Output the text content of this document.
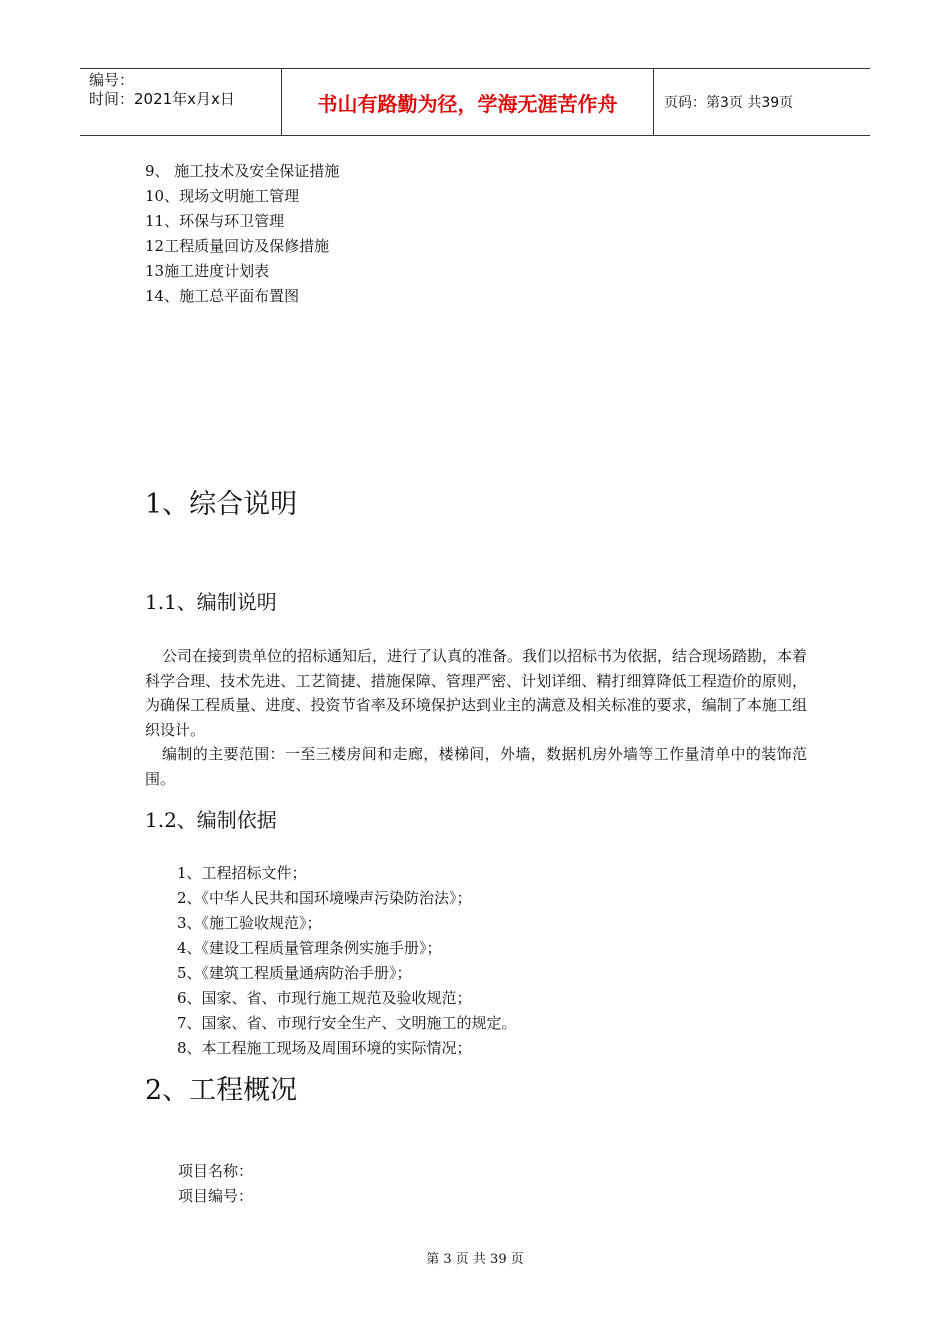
编号：
时间：2021年x月x日	书山有路勤为径，学海无涯苦作舟	页码：第3页 共39页
9、 施工技术及安全保证措施
10、现场文明施工管理
11、环保与环卫管理
12工程质量回访及保修措施
13施工进度计划表
14、施工总平面布置图
1、综合说明
1.1、编制说明

公司在接到贵单位的招标通知后，进行了认真的准备。我们以招标书为依据，结合现场踏勘，本着科学合理、技术先进、工艺简捷、措施保障、管理严密、计划详细、精打细算降低工程造价的原则，为确保工程质量、进度、投资节省率及环境保护达到业主的满意及相关标准的要求，编制了本施工组织设计。

编制的主要范围：一至三楼房间和走廊，楼梯间，外墙，数据机房外墙等工作量清单中的装饰范围。

1.2、编制依据
1、工程招标文件；
2、《中华人民共和国环境噪声污染防治法》；
3、《施工验收规范》；
4、《建设工程质量管理条例实施手册》；
5、《建筑工程质量通病防治手册》；
6、国家、省、市现行施工规范及验收规范；
7、国家、省、市现行安全生产、文明施工的规定。
8、本工程施工现场及周围环境的实际情况；
2、工程概况
项目名称：
项目编号：
第 3 页 共 39 页
